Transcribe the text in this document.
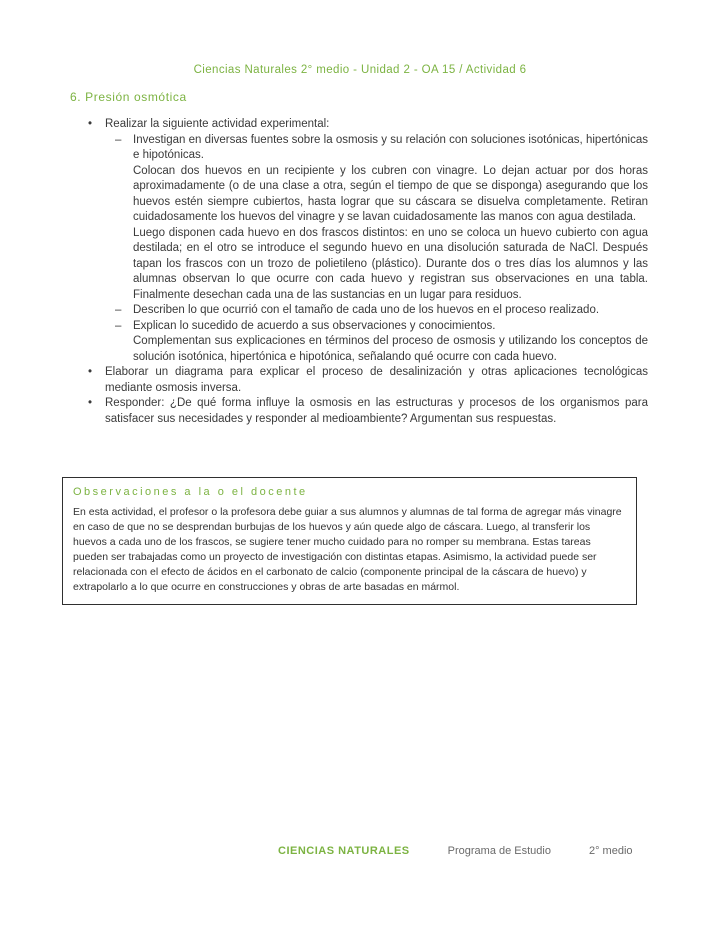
Ciencias Naturales 2° medio - Unidad 2 - OA 15 / Actividad 6
6. Presión osmótica
•	Realizar la siguiente actividad experimental:
–	Investigan en diversas fuentes sobre la osmosis y su relación con soluciones isotónicas, hipertónicas e hipotónicas.
Colocan dos huevos en un recipiente y los cubren con vinagre. Lo dejan actuar por dos horas aproximadamente (o de una clase a otra, según el tiempo de que se disponga) asegurando que los huevos estén siempre cubiertos, hasta lograr que su cáscara se disuelva completamente. Retiran cuidadosamente los huevos del vinagre y se lavan cuidadosamente las manos con agua destilada.
Luego disponen cada huevo en dos frascos distintos: en uno se coloca un huevo cubierto con agua destilada; en el otro se introduce el segundo huevo en una disolución saturada de NaCl. Después tapan los frascos con un trozo de polietileno (plástico). Durante dos o tres días los alumnos y las alumnas observan lo que ocurre con cada huevo y registran sus observaciones en una tabla. Finalmente desechan cada una de las sustancias en un lugar para residuos.
–	Describen lo que ocurrió con el tamaño de cada uno de los huevos en el proceso realizado.
–	Explican lo sucedido de acuerdo a sus observaciones y conocimientos.
Complementan sus explicaciones en términos del proceso de osmosis y utilizando los conceptos de solución isotónica, hipertónica e hipotónica, señalando qué ocurre con cada huevo.
•	Elaborar un diagrama para explicar el proceso de desalinización y otras aplicaciones tecnológicas mediante osmosis inversa.
•	Responder: ¿De qué forma influye la osmosis en las estructuras y procesos de los organismos para satisfacer sus necesidades y responder al medioambiente? Argumentan sus respuestas.
Observaciones a la o el docente
En esta actividad, el profesor o la profesora debe guiar a sus alumnos y alumnas de tal forma de agregar más vinagre en caso de que no se desprendan burbujas de los huevos y aún quede algo de cáscara. Luego, al transferir los huevos a cada uno de los frascos, se sugiere tener mucho cuidado para no romper su membrana. Estas tareas pueden ser trabajadas como un proyecto de investigación con distintas etapas. Asimismo, la actividad puede ser relacionada con el efecto de ácidos en el carbonato de calcio (componente principal de la cáscara de huevo) y extrapolarlo a lo que ocurre en construcciones y obras de arte basadas en mármol.
CIENCIAS NATURALES	Programa de Estudio	2° medio
